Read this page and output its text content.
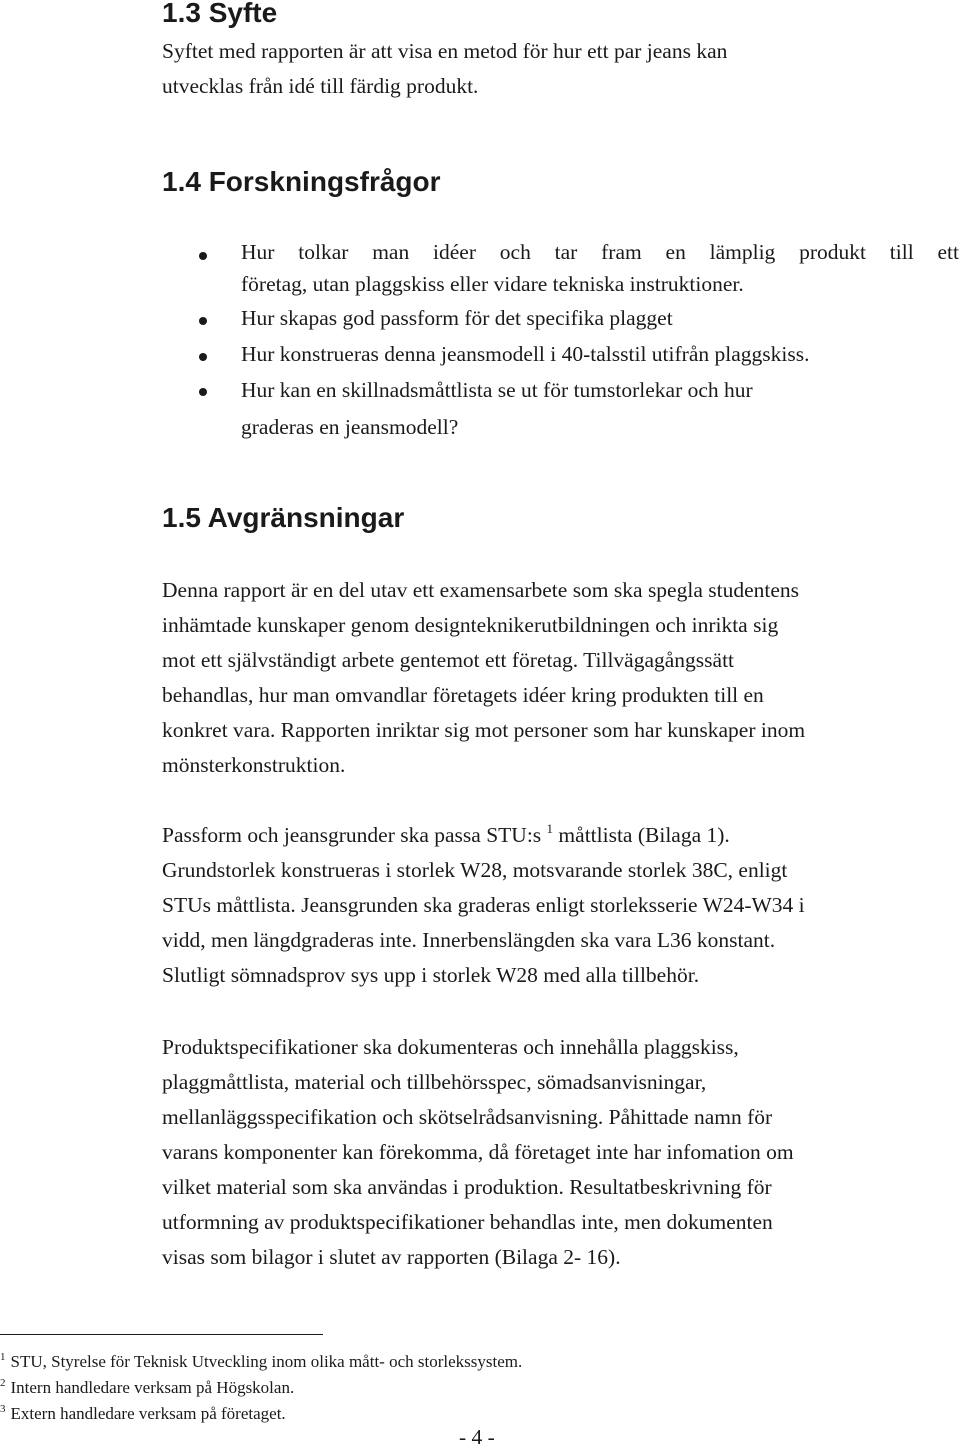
1.3 Syfte

Syftet med rapporten är att visa en metod för hur ett par jeans kan
utvecklas från idé till färdig produkt.

1.4 Forskningsfrågor
Hur tolkar man idéer och tar fram en lämplig produkt till ett
företag, utan plaggskiss eller vidare tekniska instruktioner.
Hur skapas god passform för det specifika plagget
Hur konstrueras denna jeansmodell i 40-talsstil utifrån plaggskiss.
Hur kan en skillnadsmåttlista se ut för tumstorlekar och hur
graderas en jeansmodell?
1.5 Avgränsningar

Denna rapport är en del utav ett examensarbete som ska spegla studentens
inhämtade kunskaper genom designteknikerutbildningen och inrikta sig
mot ett självständigt arbete gentemot ett företag. Tillvägagångssätt
behandlas, hur man omvandlar företagets idéer kring produkten till en
konkret vara. Rapporten inriktar sig mot personer som har kunskaper inom
mönsterkonstruktion.

Passform och jeansgrunder ska passa STU:s $^1$ måttlista (Bilaga 1).
Grundstorlek konstrueras i storlek W28, motsvarande storlek 38C, enligt
STUs måttlista. Jeansgrunden ska graderas enligt storleksserie W24-W34 i
vidd, men längdgraderas inte. Innerbenslängden ska vara L36 konstant.
Slutligt sömnadsprov sys upp i storlek W28 med alla tillbehör.

Produktspecifikationer ska dokumenteras och innehålla plaggskiss,
plaggmåttlista, material och tillbehörsspec, sömadsanvisningar,
mellanläggsspecifikation och skötselrådsanvisning. Påhittade namn för
varans komponenter kan förekomma, då företaget inte har infomation om
vilket material som ska användas i produktion. Resultatbeskrivning för
utformning av produktspecifikationer behandlas inte, men dokumenten
visas som bilagor i slutet av rapporten (Bilaga 2- 16).

$^1$ STU, Styrelse för Teknisk Utveckling inom olika mått- och storlekssystem.
$^2$ Intern handledare verksam på Högskolan.
$^3$ Extern handledare verksam på företaget.
- 4 -
